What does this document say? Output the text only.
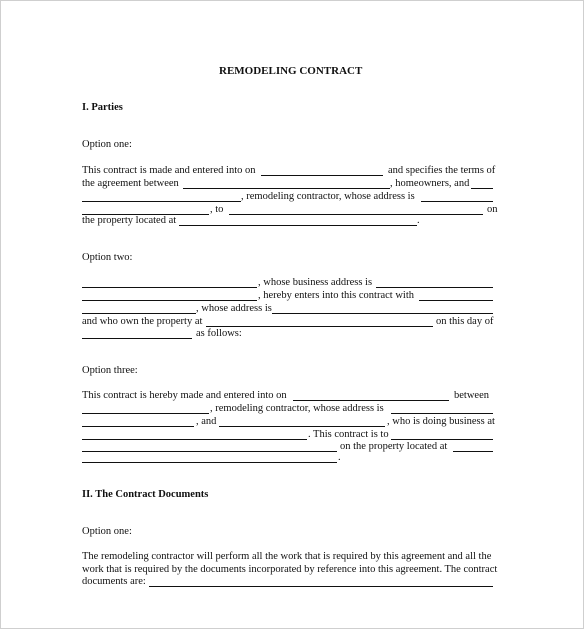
REMODELING CONTRACT
I. Parties
Option one:
This contract is made and entered into on	and specifies the terms of
the agreement between	, homeowners, and
, remodeling contractor, whose address is
, to	on
the property located at	.
Option two:
, whose business address is
, hereby enters into this contract with
, whose address is
and who own the property at	on this day of
as follows:
Option three:
This contract is hereby made and entered into on	between
, remodeling contractor, whose address is
, and	, who is doing business at
. This contract is to
on the property located at
.
II. The Contract Documents
Option one:
The remodeling contractor will perform all the work that is required by this agreement and all the
work that is required by the documents incorporated by reference into this agreement. The contract
documents are:
